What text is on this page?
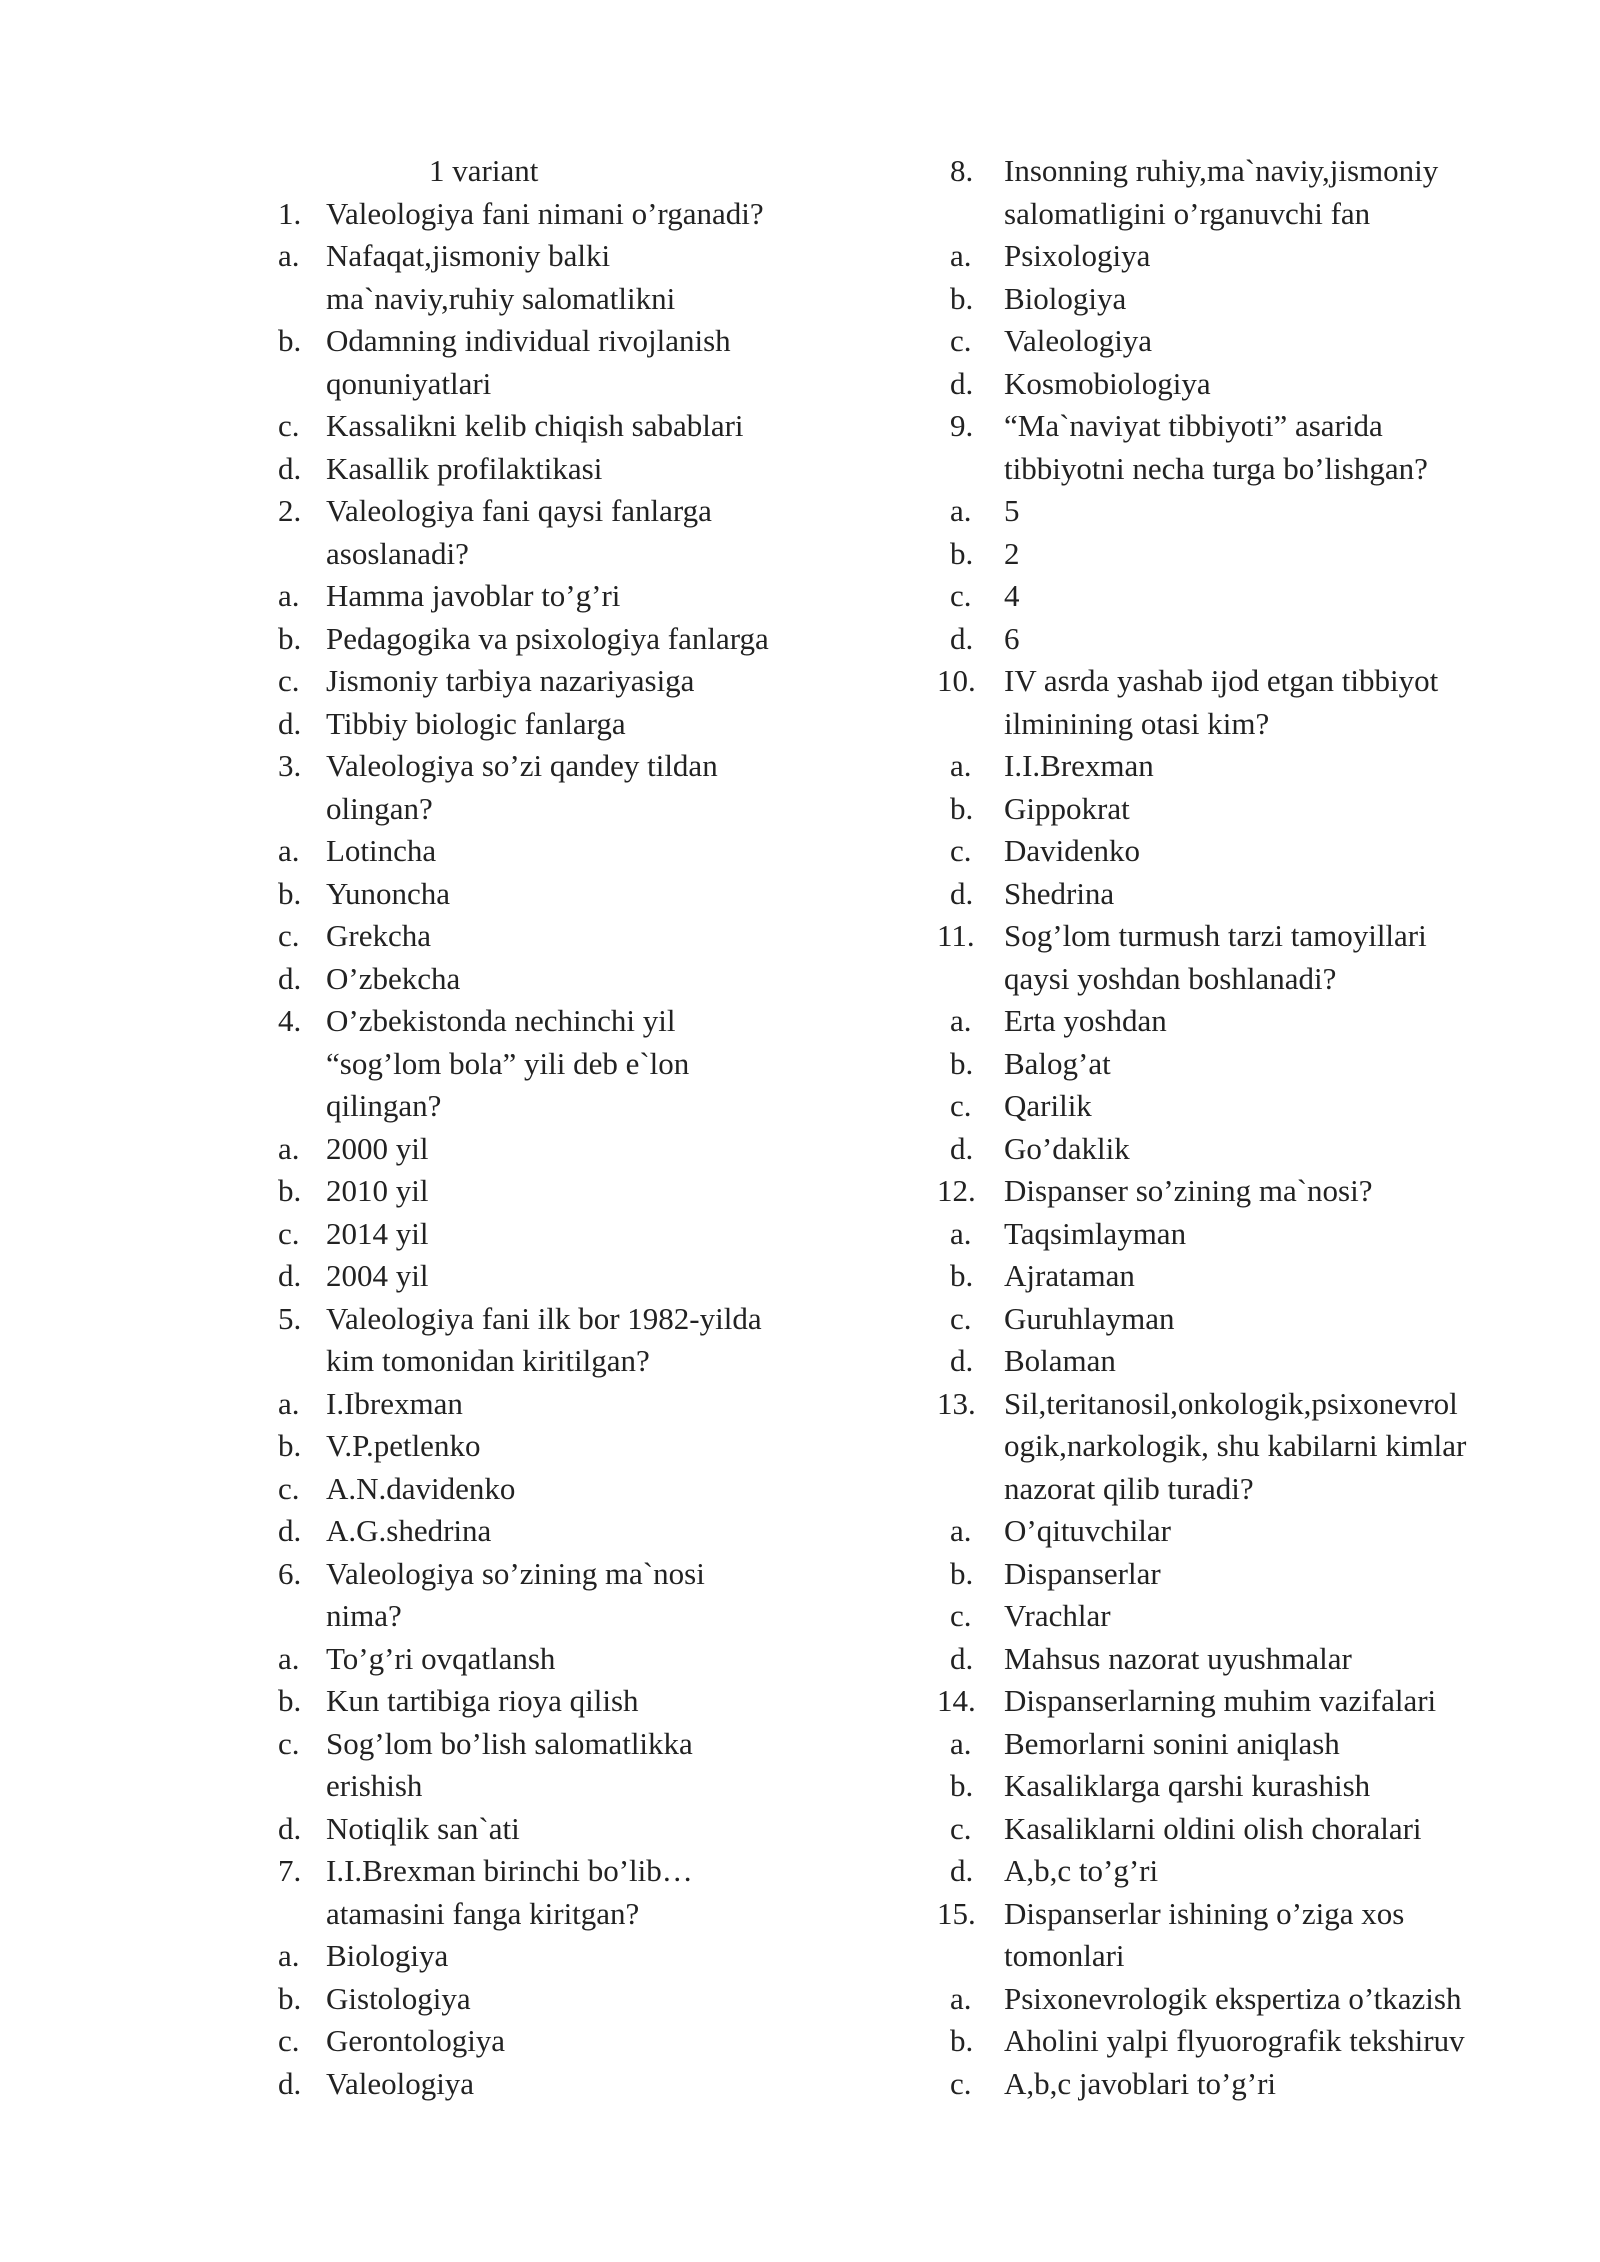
1 variant
1. Valeologiya fani nimani o’rganadi?
a. Nafaqat,jismoniy balki
ma`naviy,ruhiy salomatlikni
b. Odamning individual rivojlanish
qonuniyatlari
c. Kassalikni kelib chiqish sabablari
d. Kasallik profilaktikasi
2. Valeologiya fani qaysi fanlarga
asoslanadi?
a. Hamma javoblar to’g’ri
b. Pedagogika va psixologiya fanlarga
c. Jismoniy tarbiya nazariyasiga
d. Tibbiy biologic fanlarga
3. Valeologiya so’zi qandey tildan
olingan?
a. Lotincha
b. Yunoncha
c. Grekcha
d. O’zbekcha
4. O’zbekistonda nechinchi yil
“sog’lom bola” yili deb e`lon
qilingan?
a. 2000 yil
b. 2010 yil
c. 2014 yil
d. 2004 yil
5. Valeologiya fani ilk bor 1982-yilda
kim tomonidan kiritilgan?
a. I.Ibrexman
b. V.P.petlenko
c. A.N.davidenko
d. A.G.shedrina
6. Valeologiya so’zining ma`nosi
nima?
a. To’g’ri ovqatlansh
b. Kun tartibiga rioya qilish
c. Sog’lom bo’lish salomatlikka
erishish
d. Notiqlik san`ati
7. I.I.Brexman birinchi bo’lib…
atamasini fanga kiritgan?
a. Biologiya
b. Gistologiya
c. Gerontologiya
d. Valeologiya
8. Insonning ruhiy,ma`naviy,jismoniy
salomatligini o’rganuvchi fan
a.	Psixologiya
b. Biologiya
c.	Valeologiya
d. Kosmobiologiya
9. “Ma`naviyat tibbiyoti” asarida
tibbiyotni necha turga bo’lishgan?
a.	5
b. 2
c.	4
d. 6
10. IV asrda yashab ijod etgan tibbiyot
ilminining otasi kim?
a.	I.I.Brexman
b. Gippokrat
c.	Davidenko
d. Shedrina
11. Sog’lom turmush tarzi tamoyillari
qaysi yoshdan boshlanadi?
a.	Erta yoshdan
b. Balog’at
c.	Qarilik
d. Go’daklik
12. Dispanser so’zining ma`nosi?
a.	Taqsimlayman
b. Ajrataman
c.	Guruhlayman
d. Bolaman
13. Sil,teritanosil,onkologik,psixonevrol
ogik,narkologik, shu kabilarni kimlar
nazorat qilib turadi?
a.	O’qituvchilar
b. Dispanserlar
c.	Vrachlar
d. Mahsus nazorat uyushmalar
14. Dispanserlarning muhim vazifalari
a.	Bemorlarni sonini aniqlash
b. Kasaliklarga qarshi kurashish
c.	Kasaliklarni oldini olish choralari
d. A,b,c to’g’ri
15. Dispanserlar ishining o’ziga xos
tomonlari
a.	Psixonevrologik ekspertiza o’tkazish
b. Aholini yalpi flyuorografik tekshiruv
c.	A,b,c javoblari to’g’ri
